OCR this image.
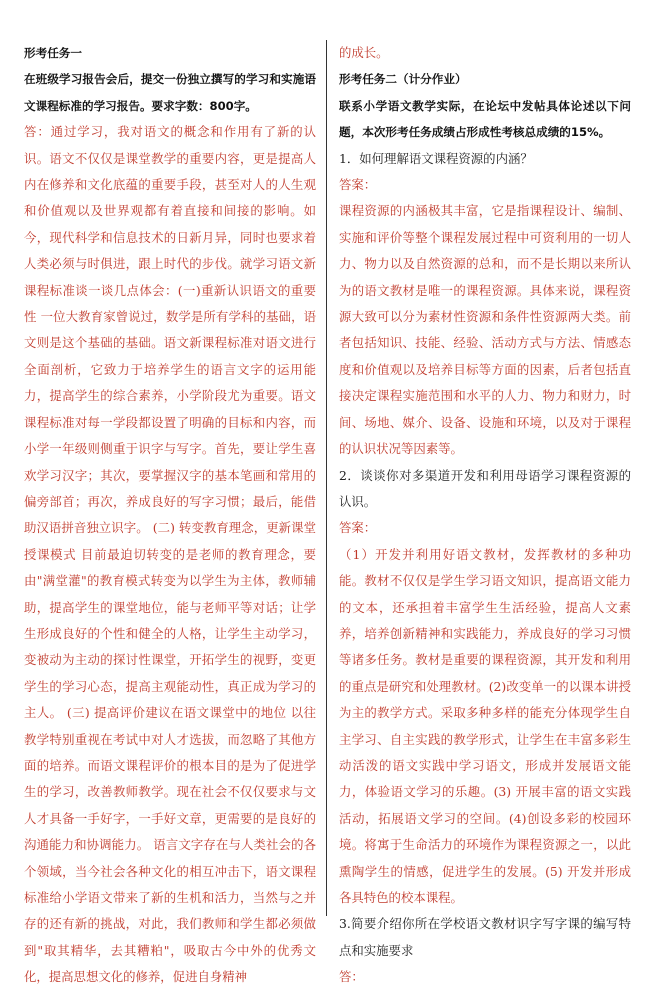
形考任务一

在班级学习报告会后，提交一份独立撰写的学习和实施语文课程标准的学习报告。要求字数：800字。

答：通过学习，我对语文的概念和作用有了新的认识。语文不仅仅是课堂教学的重要内容，更是提高人内在修养和文化底蕴的重要手段，甚至对人的人生观和价值观以及世界观都有着直接和间接的影响。如今，现代科学和信息技术的日新月异，同时也要求着人类必须与时俱进，跟上时代的步伐。就学习语文新课程标准谈一谈几点体会：(一)重新认识语文的重要性 一位大教育家曾说过，数学是所有学科的基础，语文则是这个基础的基础。语文新课程标准对语文进行全面剖析，它致力于培养学生的语言文字的运用能力，提高学生的综合素养，小学阶段尤为重要。语文课程标准对每一学段都设置了明确的目标和内容，而小学一年级则侧重于识字与写字。首先，要让学生喜欢学习汉字；其次，要掌握汉字的基本笔画和常用的偏旁部首；再次，养成良好的写字习惯；最后，能借助汉语拼音独立识字。 (二) 转变教育理念，更新课堂授课模式 目前最迫切转变的是老师的教育理念，要由"满堂灌"的教育模式转变为以学生为主体，教师辅助，提高学生的课堂地位，能与老师平等对话；让学生形成良好的个性和健全的人格，让学生主动学习，变被动为主动的探讨性课堂，开拓学生的视野，变更学生的学习心态，提高主观能动性，真正成为学习的主人。 (三) 提高评价建议在语文课堂中的地位 以往教学特别重视在考试中对人才选拔，而忽略了其他方面的培养。而语文课程评价的根本目的是为了促进学生的学习，改善教师教学。现在社会不仅仅要求与文人才具备一手好字，一手好文章，更需要的是良好的沟通能力和协调能力。 语言文字存在与人类社会的各个领域，当今社会各种文化的相互冲击下，语文课程标准给小学语文带来了新的生机和活力，当然与之并存的还有新的挑战，对此，我们教师和学生都必须做到"取其精华，去其糟粕"，吸取古今中外的优秀文化，提高思想文化的修养，促进自身精神

的成长。

形考任务二（计分作业）

联系小学语文教学实际，在论坛中发帖具体论述以下问题，本次形考任务成绩占形成性考核总成绩的15%。

1．如何理解语文课程资源的内涵？

答案：

课程资源的内涵极其丰富，它是指课程设计、编制、实施和评价等整个课程发展过程中可资利用的一切人力、物力以及自然资源的总和，而不是长期以来所认为的语文教材是唯一的课程资源。具体来说，课程资源大致可以分为素材性资源和条件性资源两大类。前者包括知识、技能、经验、活动方式与方法、情感态度和价值观以及培养目标等方面的因素，后者包括直接决定课程实施范围和水平的人力、物力和财力，时间、场地、媒介、设备、设施和环境，以及对于课程的认识状况等因素等。

2．谈谈你对多渠道开发和利用母语学习课程资源的认识。

答案：

（1）开发并利用好语文教材，发挥教材的多种功能。教材不仅仅是学生学习语文知识，提高语文能力的文本，还承担着丰富学生生活经验，提高人文素养，培养创新精神和实践能力，养成良好的学习习惯等诸多任务。教材是重要的课程资源，其开发和利用的重点是研究和处理教材。(2)改变单一的以课本讲授为主的教学方式。采取多种多样的能充分体现学生自主学习、自主实践的教学形式，让学生在丰富多彩生动活泼的语文实践中学习语文，形成并发展语文能力，体验语文学习的乐趣。(3) 开展丰富的语文实践活动，拓展语文学习的空间。(4)创设多彩的校园环境。将寓于生命活力的环境作为课程资源之一，以此熏陶学生的情感，促进学生的发展。(5) 开发并形成各具特色的校本课程。

3.简要介绍你所在学校语文教材识字写字课的编写特点和实施要求

答：
